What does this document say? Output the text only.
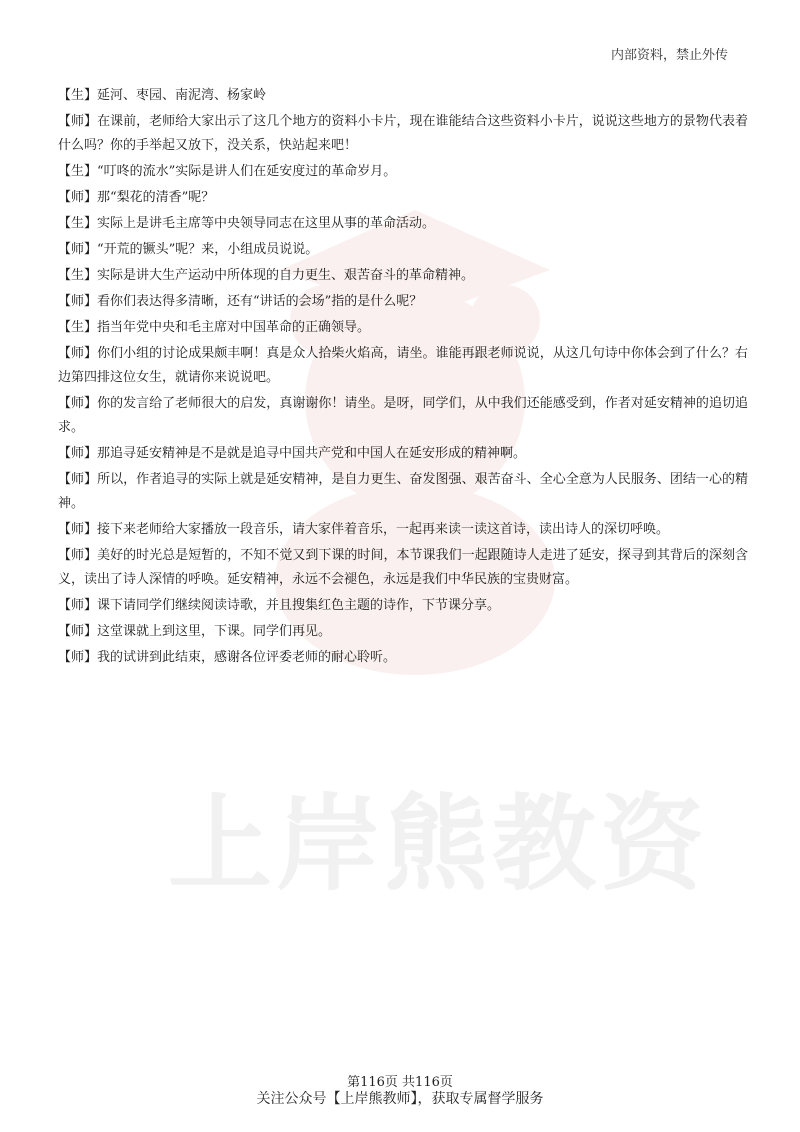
上岸熊教资
内部资料，禁止外传
【生】延河、枣园、南泥湾、杨家岭
【师】在课前，老师给大家出示了这几个地方的资料小卡片，现在谁能结合这些资料小卡片，说说这些地方的景物代表着什么吗？你的手举起又放下，没关系，快站起来吧！
【生】“叮咚的流水”实际是讲人们在延安度过的革命岁月。
【师】那“梨花的清香”呢？
【生】实际上是讲毛主席等中央领导同志在这里从事的革命活动。
【师】“开荒的镢头”呢？来，小组成员说说。
【生】实际是讲大生产运动中所体现的自力更生、艰苦奋斗的革命精神。
【师】看你们表达得多清晰，还有“讲话的会场”指的是什么呢？
【生】指当年党中央和毛主席对中国革命的正确领导。
【师】你们小组的讨论成果颇丰啊！真是众人拾柴火焰高，请坐。谁能再跟老师说说，从这几句诗中你体会到了什么？右边第四排这位女生，就请你来说说吧。
【师】你的发言给了老师很大的启发，真谢谢你！请坐。是呀，同学们，从中我们还能感受到，作者对延安精神的追切追求。
【师】那追寻延安精神是不是就是追寻中国共产党和中国人在延安形成的精神啊。
【师】所以，作者追寻的实际上就是延安精神，是自力更生、奋发图强、艰苦奋斗、全心全意为人民服务、团结一心的精神。
【师】接下来老师给大家播放一段音乐，请大家伴着音乐，一起再来读一读这首诗，读出诗人的深切呼唤。
【师】美好的时光总是短暂的，不知不觉又到下课的时间，本节课我们一起跟随诗人走进了延安，探寻到其背后的深刻含义，读出了诗人深情的呼唤。延安精神，永远不会褪色，永远是我们中华民族的宝贵财富。
【师】课下请同学们继续阅读诗歌，并且搜集红色主题的诗作，下节课分享。
【师】这堂课就上到这里，下课。同学们再见。
【师】我的试讲到此结束，感谢各位评委老师的耐心聆听。
第116页 共116页
关注公众号【上岸熊教师】，获取专属督学服务
